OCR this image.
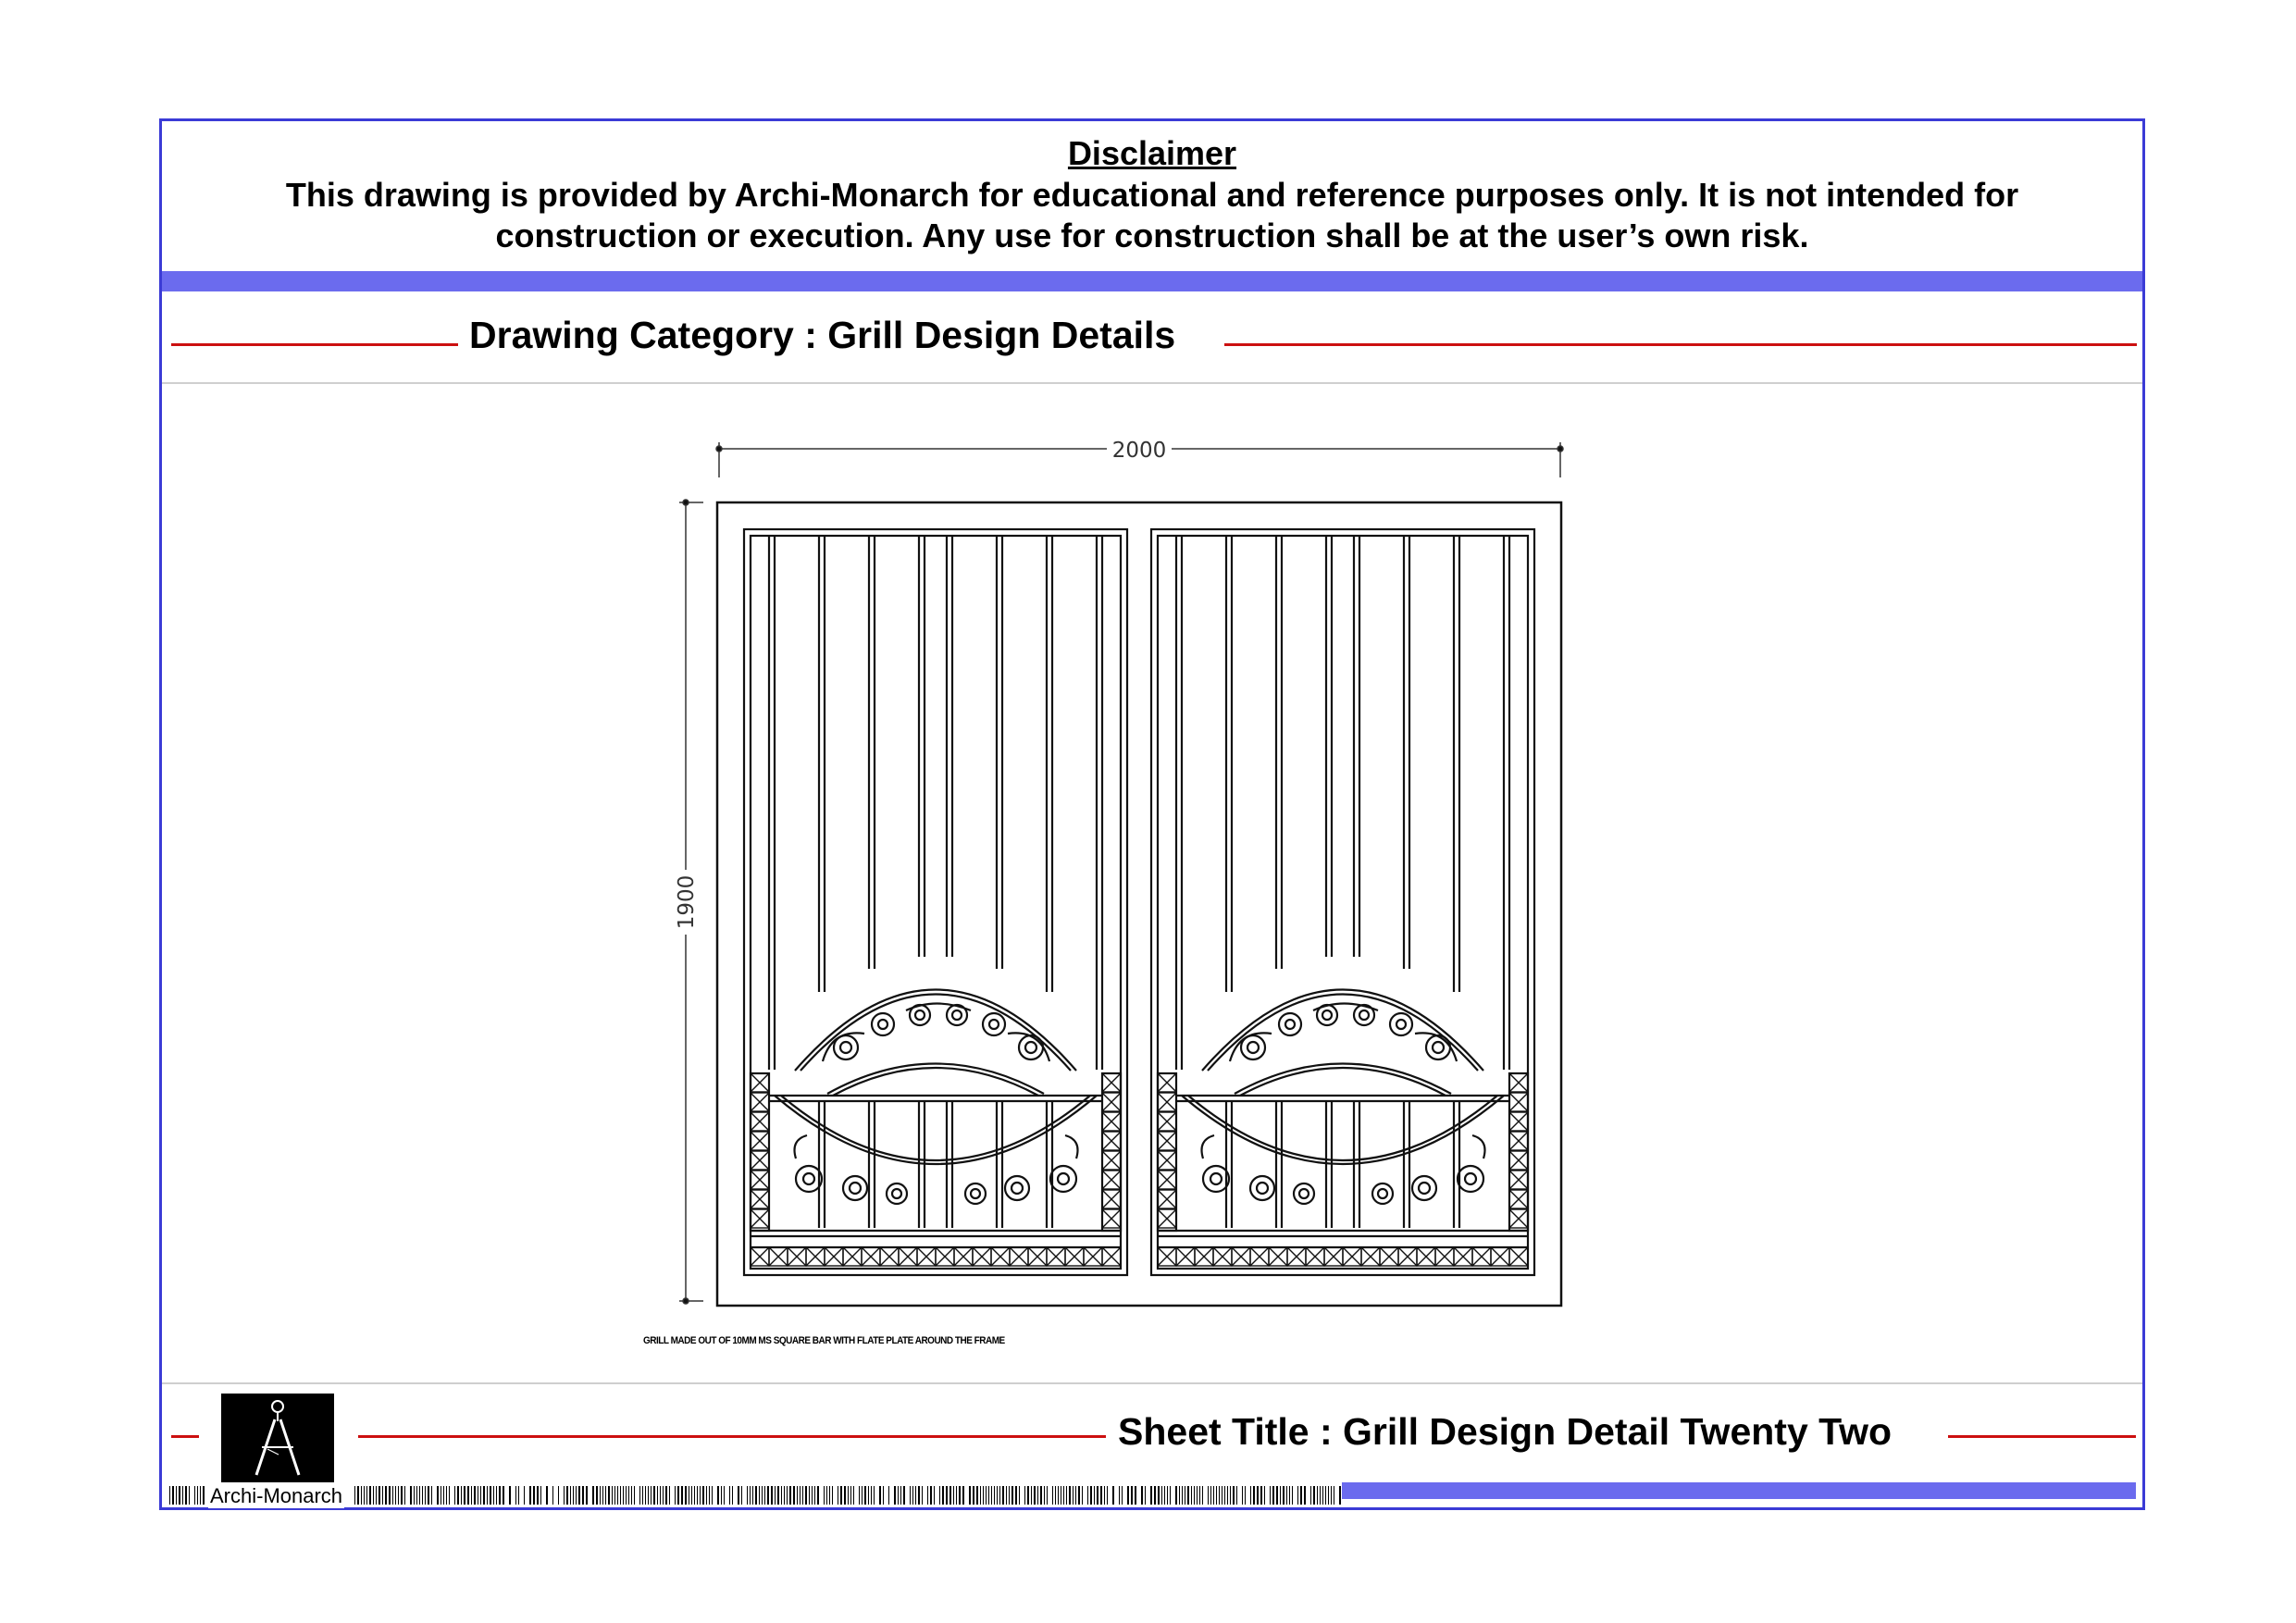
Disclaimer
This drawing is provided by Archi-Monarch for educational and reference purposes only. It is not intended for
construction or execution. Any use for construction shall be at the user’s own risk.
Drawing Category : Grill Design Details
Sheet Title : Grill Design Detail Twenty Two
Archi-Monarch
GRILL MADE OUT OF 10MM MS SQUARE BAR WITH FLATE PLATE AROUND THE FRAME
2000
1900
